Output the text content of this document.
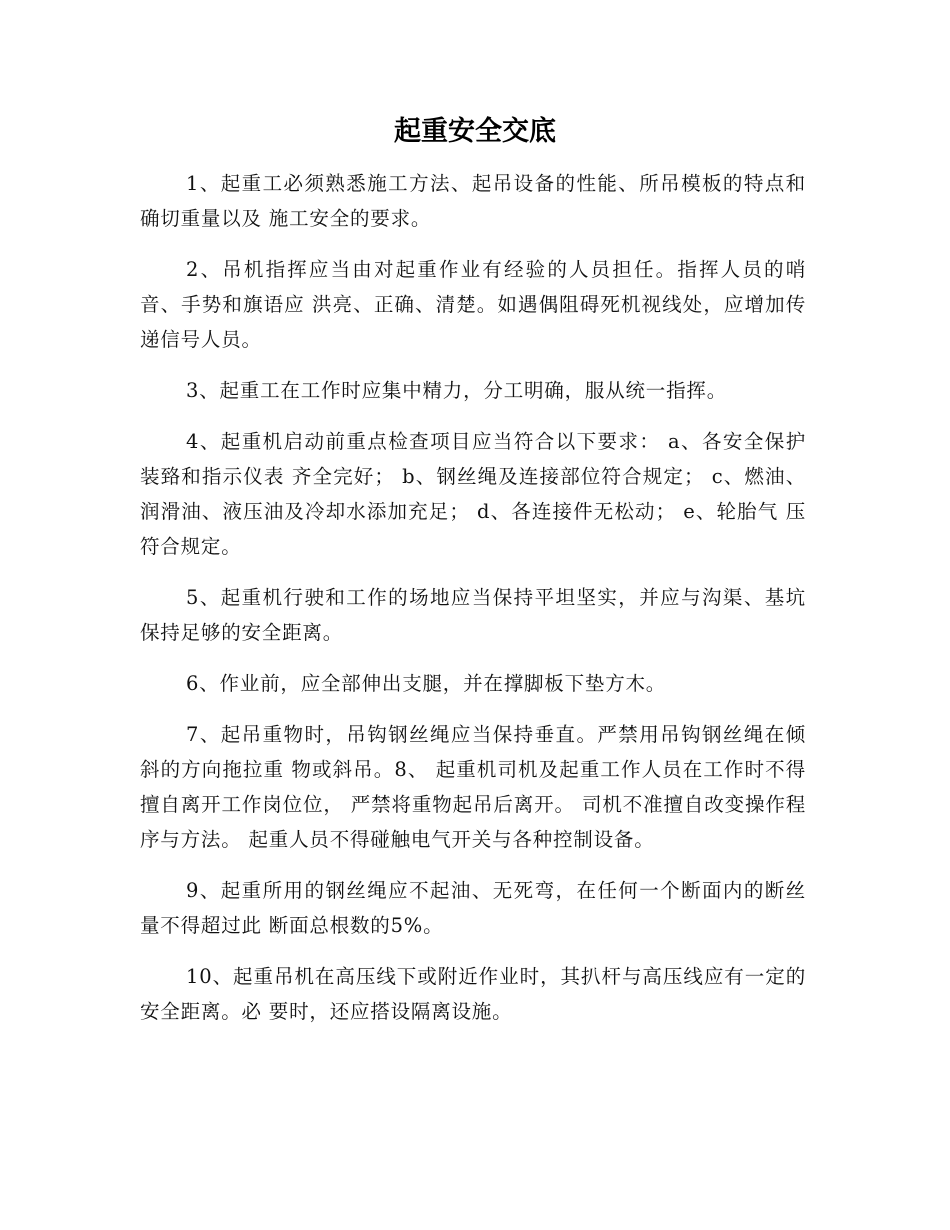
起重安全交底

1、起重工必须熟悉施工方法、起吊设备的性能、所吊模板的特点和确切重量以及 施工安全的要求。

2、吊机指挥应当由对起重作业有经验的人员担任。指挥人员的哨音、手势和旗语应 洪亮、正确、清楚。如遇偶阻碍死机视线处，应增加传递信号人员。

3、起重工在工作时应集中精力，分工明确，服从统一指挥。

4、起重机启动前重点检查项目应当符合以下要求： a、各安全保护装臵和指示仪表 齐全完好； b、钢丝绳及连接部位符合规定； c、燃油、润滑油、液压油及冷却水添加充足； d、各连接件无松动； e、轮胎气 压符合规定。

5、起重机行驶和工作的场地应当保持平坦坚实，并应与沟渠、基坑保持足够的安全距离。

6、作业前，应全部伸出支腿，并在撑脚板下垫方木。

7、起吊重物时，吊钩钢丝绳应当保持垂直。严禁用吊钩钢丝绳在倾斜的方向拖拉重 物或斜吊。8、 起重机司机及起重工作人员在工作时不得擅自离开工作岗位位， 严禁将重物起吊后离开。 司机不准擅自改变操作程序与方法。 起重人员不得碰触电气开关与各种控制设备。

9、起重所用的钢丝绳应不起油、无死弯，在任何一个断面内的断丝量不得超过此 断面总根数的5%。

10、起重吊机在高压线下或附近作业时，其扒杆与高压线应有一定的安全距离。必 要时，还应搭设隔离设施。
